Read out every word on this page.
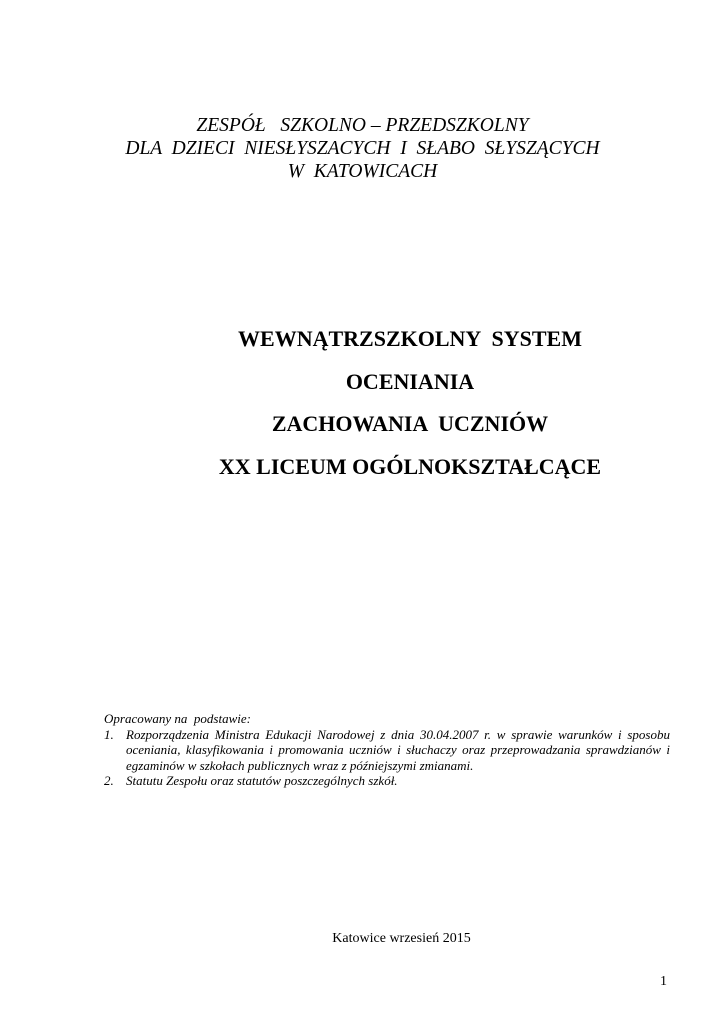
ZESPÓŁ   SZKOLNO – PRZEDSZKOLNY
DLA  DZIECI  NIESŁYSZACYCH  I  SŁABO  SŁYSZĄCYCH
W  KATOWICACH
WEWNĄTRZSZKOLNY  SYSTEM
OCENIANIA
ZACHOWANIA  UCZNIÓW
XX LICEUM OGÓLNOKSZTAŁCĄCE
Opracowany na  podstawie:
1. Rozporządzenia Ministra Edukacji Narodowej z dnia 30.04.2007 r. w sprawie warunków i sposobu oceniania, klasyfikowania i promowania uczniów i słuchaczy oraz przeprowadzania sprawdzianów i egzaminów w szkołach publicznych wraz z późniejszymi zmianami.
2. Statutu Zespołu oraz statutów poszczególnych szkół.
Katowice wrzesień 2015
1
